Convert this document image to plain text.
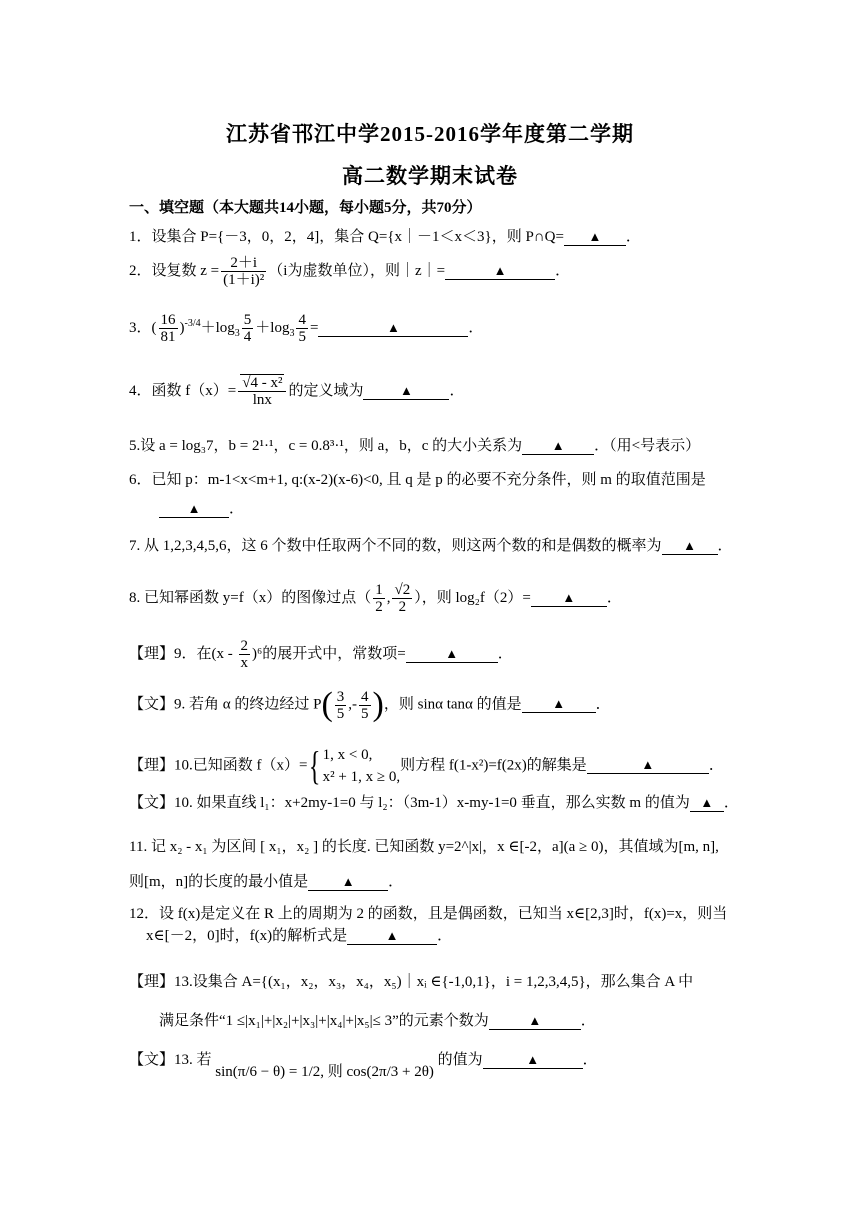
江苏省邗江中学2015-2016学年度第二学期
高二数学期末试卷
一、填空题（本大题共14小题，每小题5分，共70分）
1．设集合 P={－3，0，2，4]，集合 Q={x｜－1＜x＜3}，则 P∩Q= ▲ ．
2．设复数 $z = \frac{2+i}{\text{(1＋i)²}} (i$为虚数单位），则｜z｜=	▲	．
3．( $\frac{16}{81} )^{-3/4}+\log_3 \frac{5}{4} +\log_3 \frac{4}{5}$ =	▲	．
4．函数 $f(x)= \frac{\text{√4 - x²}}{\ln x}$ 的定义域为	▲ ．
5.设 a = log₃7，b = 2¹·¹，c = 0.8³·¹，则 a，b，c 的大小关系为 ▲ ．（用<号表示）
6．已知 p：m-1<x<m+1, q:(x-2)(x-6)<0, 且 q 是 p 的必要不充分条件，则 m 的取值范围是
▲ ．
7. 从 1,2,3,4,5,6，这 6 个数中任取两个不同的数，则这两个数的和是偶数的概率为 ▲ ．
8. 已知幂函数 y=f（x）的图像过点（ $\frac{1}{2}$ , $\frac{√2}{2}$ ），则 log₂f（2）= ▲ ．
【理】9．在$(x - \frac{2}{x} )^6$的展开式中，常数项=	▲	．
【文】9. 若角 α 的终边经过 $P( \frac{3}{5}$ ,- $\frac{4}{5}$ )，则 sinα tanα 的值是 ▲ ．
【理】10.已知函数 f（x）={ 1, x < 0,
x² + 1, x ≥ 0,
则方程 f(1-x²)=f(2x)的解集是	▲	．
【文】10. 如果直线 l₁：x+2my-1=0 与 l₂：（3m-1）x-my-1=0 垂直，那么实数 m 的值为 ▲ ．
11. 记 x₂ - x₁ 为区间 [ x₁，x₂ ] 的长度. 已知函数 y=2^|x|，x ∈[-2，a](a ≥ 0)，其值域为[m, n],
则[m，n]的长度的最小值是	▲ ．
12．设 f(x)是定义在 R 上的周期为 2 的函数，且是偶函数，已知当 x∈[2,3]时，f(x)=x，则当
x∈[－2，0]时，f(x)的解析式是	▲	．
【理】13.设集合 A={(x₁，x₂，x₃，x₄，x₅)｜xᵢ ∈{-1,0,1}，i = 1,2,3,4,5}，那么集合 A 中
满足条件“1 ≤|x₁|+|x₂|+|x₃|+|x₄|+|x₅|≤ 3”的元素个数为	▲	．
【文】13. 若 sin(π/6 − θ) = 1/2, 则 cos(2π/3 + 2θ) 的值为	▲	．
